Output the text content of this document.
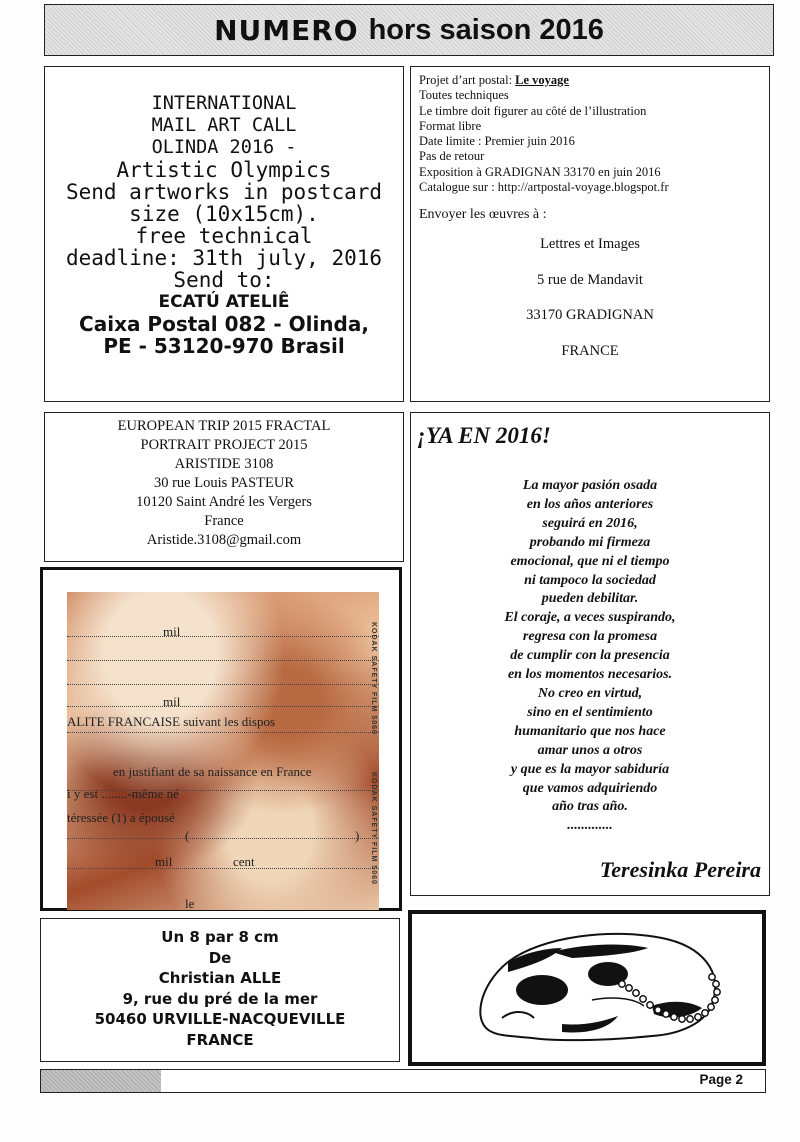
NUMERO hors saison 2016
INTERNATIONAL
MAIL ART CALL
OLINDA 2016 -
Artistic Olympics
Send artworks in postcard
size (10x15cm).
free technical
deadline: 31th july, 2016
Send to:
ECATÚ ATELIÊ
Caixa Postal 082 - Olinda,
PE - 53120-970 Brasil
Projet d’art postal: Le voyage
Toutes techniques
Le timbre doit figurer au côté de l’illustration
Format libre
Date limite : Premier juin 2016
Pas de retour
Exposition à GRADIGNAN 33170 en juin 2016
Catalogue sur : http://artpostal-voyage.blogspot.fr
Envoyer les œuvres à :
Lettres et Images
5 rue de Mandavit
33170 GRADIGNAN
FRANCE
EUROPEAN TRIP 2015 FRACTAL
PORTRAIT PROJECT 2015
ARISTIDE 3108
30 rue Louis PASTEUR
10120 Saint André les Vergers
France
Aristide.3108@gmail.com
¡YA EN 2016!
La mayor pasión osada
en los años anteriores
seguirá en 2016,
probando mi firmeza
emocional, que ni el tiempo
ni tampoco la sociedad
pueden debilitar.
El coraje, a veces suspirando,
regresa con la promesa
de cumplir con la presencia
en los momentos necesarios.
No creo en virtud,
sino en el sentimiento
humanitario que nos hace
amar unos a otros
y que es la mayor sabiduría
que vamos adquiriendo
año tras año.
.............
Teresinka Pereira
mil
mil
ALITE FRANCAISE suivant les dispos
en justifiant de sa naissance en France
i y est ........-même né
téressée (1) a épousé
(	)
mil	cent
le
KODAK SAFETY FILM 5060
KODAK SAFETY FILM 5060
Un 8 par 8 cm
De
Christian ALLE
9, rue du pré de la mer
50460 URVILLE-NACQUEVILLE
FRANCE
Page 2
